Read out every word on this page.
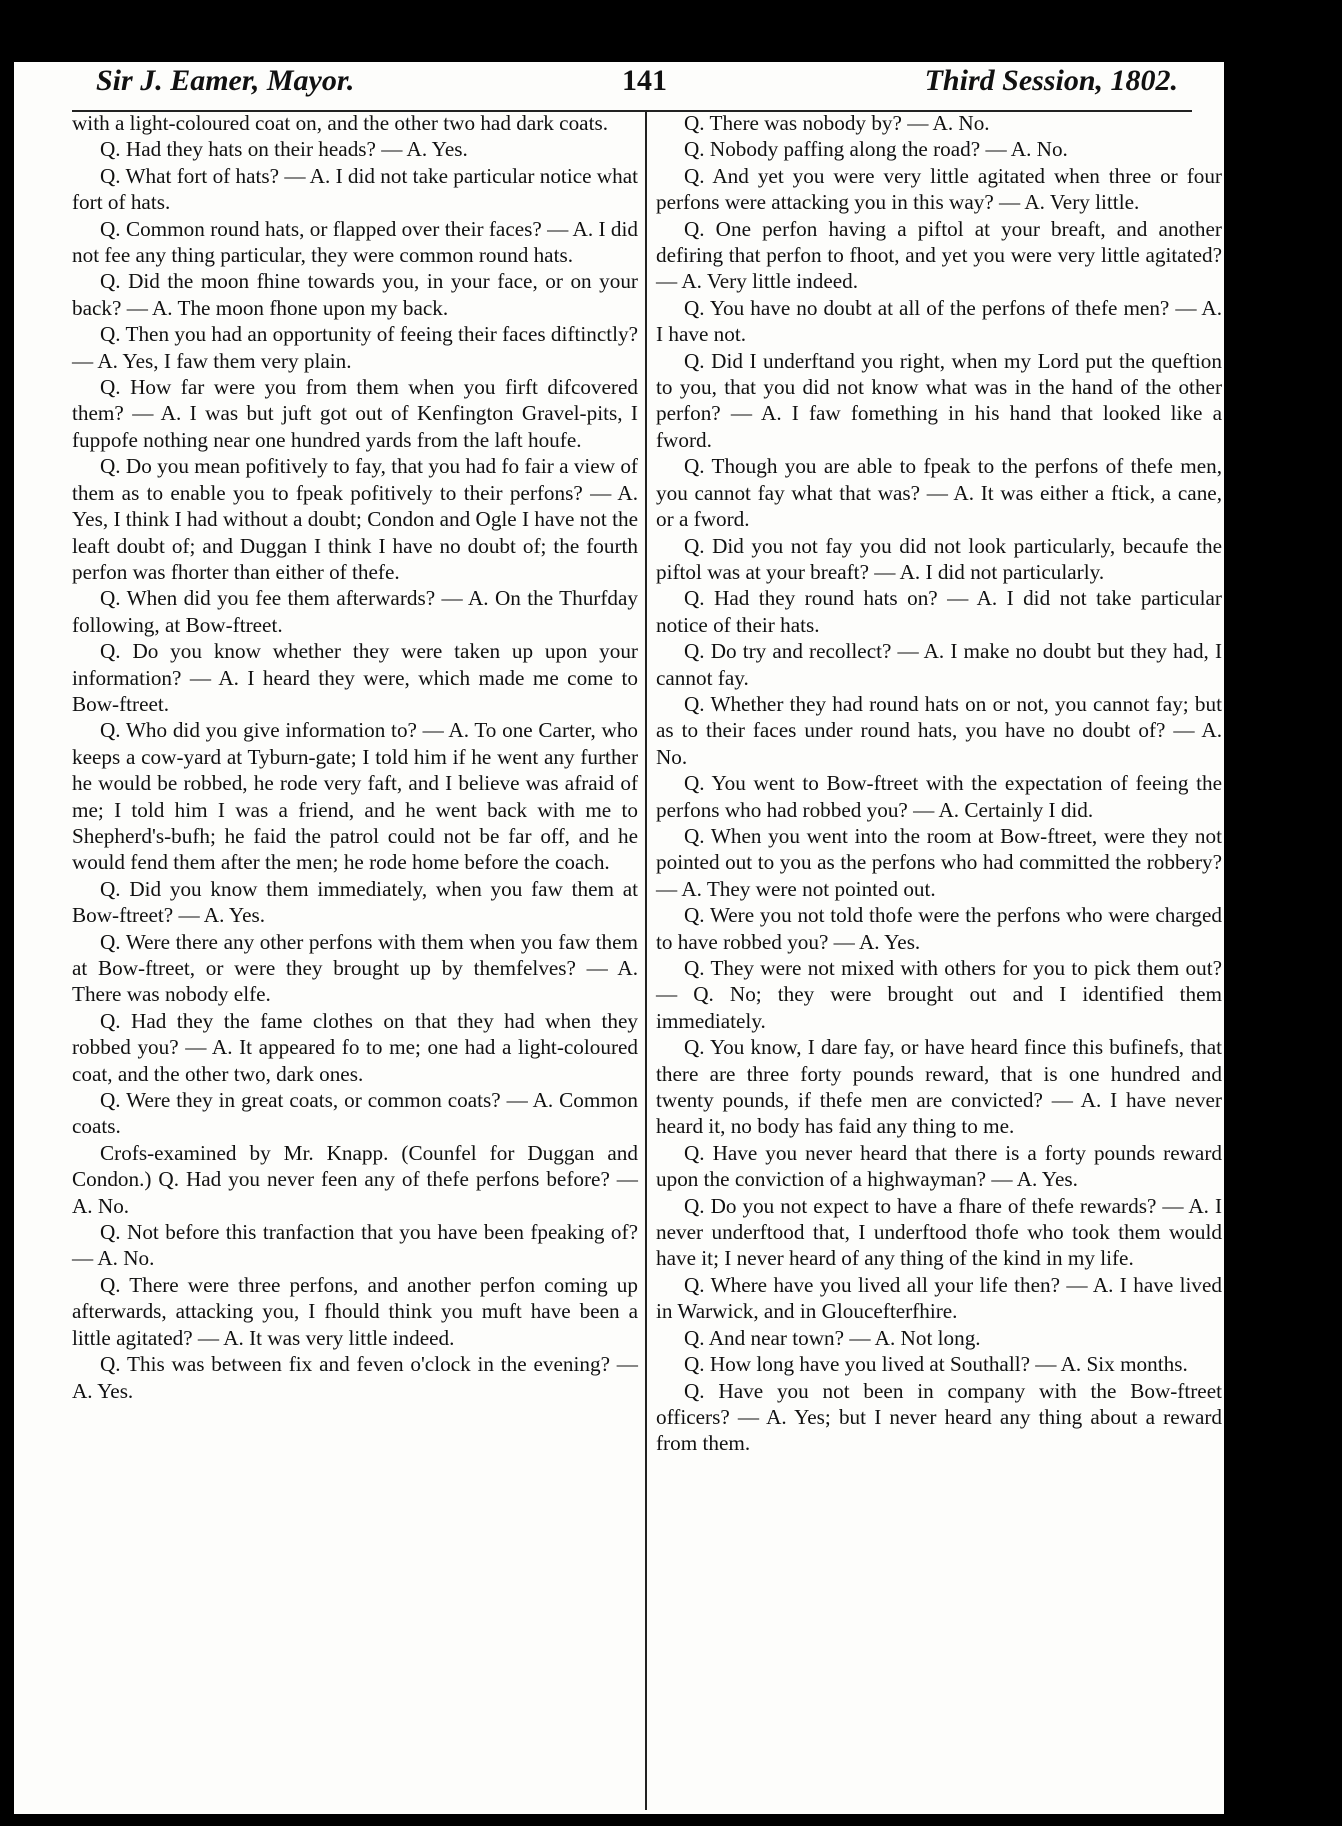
Sir J. Eamer, Mayor.	141	Third Session, 1802.

with a light-coloured coat on, and the other two had dark coats.

Q. Had they hats on their heads? — A. Yes.

Q. What fort of hats? — A. I did not take particular notice what fort of hats.

Q. Common round hats, or flapped over their faces? — A. I did not fee any thing particular, they were common round hats.

Q. Did the moon fhine towards you, in your face, or on your back? — A. The moon fhone upon my back.

Q. Then you had an opportunity of feeing their faces diftinctly? — A. Yes, I faw them very plain.

Q. How far were you from them when you firft difcovered them? — A. I was but juft got out of Kenfington Gravel-pits, I fuppofe nothing near one hundred yards from the laft houfe.

Q. Do you mean pofitively to fay, that you had fo fair a view of them as to enable you to fpeak pofitively to their perfons? — A. Yes, I think I had without a doubt; Condon and Ogle I have not the leaft doubt of; and Duggan I think I have no doubt of; the fourth perfon was fhorter than either of thefe.

Q. When did you fee them afterwards? — A. On the Thurfday following, at Bow-ftreet.

Q. Do you know whether they were taken up upon your information? — A. I heard they were, which made me come to Bow-ftreet.

Q. Who did you give information to? — A. To one Carter, who keeps a cow-yard at Tyburn-gate; I told him if he went any further he would be robbed, he rode very faft, and I believe was afraid of me; I told him I was a friend, and he went back with me to Shepherd's-bufh; he faid the patrol could not be far off, and he would fend them after the men; he rode home before the coach.

Q. Did you know them immediately, when you faw them at Bow-ftreet? — A. Yes.

Q. Were there any other perfons with them when you faw them at Bow-ftreet, or were they brought up by themfelves? — A. There was nobody elfe.

Q. Had they the fame clothes on that they had when they robbed you? — A. It appeared fo to me; one had a light-coloured coat, and the other two, dark ones.

Q. Were they in great coats, or common coats? — A. Common coats.

Crofs-examined by Mr. Knapp. (Counfel for Duggan and Condon.) Q. Had you never feen any of thefe perfons before? — A. No.

Q. Not before this tranfaction that you have been fpeaking of? — A. No.

Q. There were three perfons, and another perfon coming up afterwards, attacking you, I fhould think you muft have been a little agitated? — A. It was very little indeed.

Q. This was between fix and feven o'clock in the evening? — A. Yes.

Q. There was nobody by? — A. No.

Q. Nobody paffing along the road? — A. No.

Q. And yet you were very little agitated when three or four perfons were attacking you in this way? — A. Very little.

Q. One perfon having a piftol at your breaft, and another defiring that perfon to fhoot, and yet you were very little agitated? — A. Very little indeed.

Q. You have no doubt at all of the perfons of thefe men? — A. I have not.

Q. Did I underftand you right, when my Lord put the queftion to you, that you did not know what was in the hand of the other perfon? — A. I faw fomething in his hand that looked like a fword.

Q. Though you are able to fpeak to the perfons of thefe men, you cannot fay what that was? — A. It was either a ftick, a cane, or a fword.

Q. Did you not fay you did not look particularly, becaufe the piftol was at your breaft? — A. I did not particularly.

Q. Had they round hats on? — A. I did not take particular notice of their hats.

Q. Do try and recollect? — A. I make no doubt but they had, I cannot fay.

Q. Whether they had round hats on or not, you cannot fay; but as to their faces under round hats, you have no doubt of? — A. No.

Q. You went to Bow-ftreet with the expectation of feeing the perfons who had robbed you? — A. Certainly I did.

Q. When you went into the room at Bow-ftreet, were they not pointed out to you as the perfons who had committed the robbery? — A. They were not pointed out.

Q. Were you not told thofe were the perfons who were charged to have robbed you? — A. Yes.

Q. They were not mixed with others for you to pick them out? — Q. No; they were brought out and I identified them immediately.

Q. You know, I dare fay, or have heard fince this bufinefs, that there are three forty pounds reward, that is one hundred and twenty pounds, if thefe men are convicted? — A. I have never heard it, no body has faid any thing to me.

Q. Have you never heard that there is a forty pounds reward upon the conviction of a highwayman? — A. Yes.

Q. Do you not expect to have a fhare of thefe rewards? — A. I never underftood that, I underftood thofe who took them would have it; I never heard of any thing of the kind in my life.

Q. Where have you lived all your life then? — A. I have lived in Warwick, and in Gloucefterfhire.

Q. And near town? — A. Not long.

Q. How long have you lived at Southall? — A. Six months.

Q. Have you not been in company with the Bow-ftreet officers? — A. Yes; but I never heard any thing about a reward from them.
